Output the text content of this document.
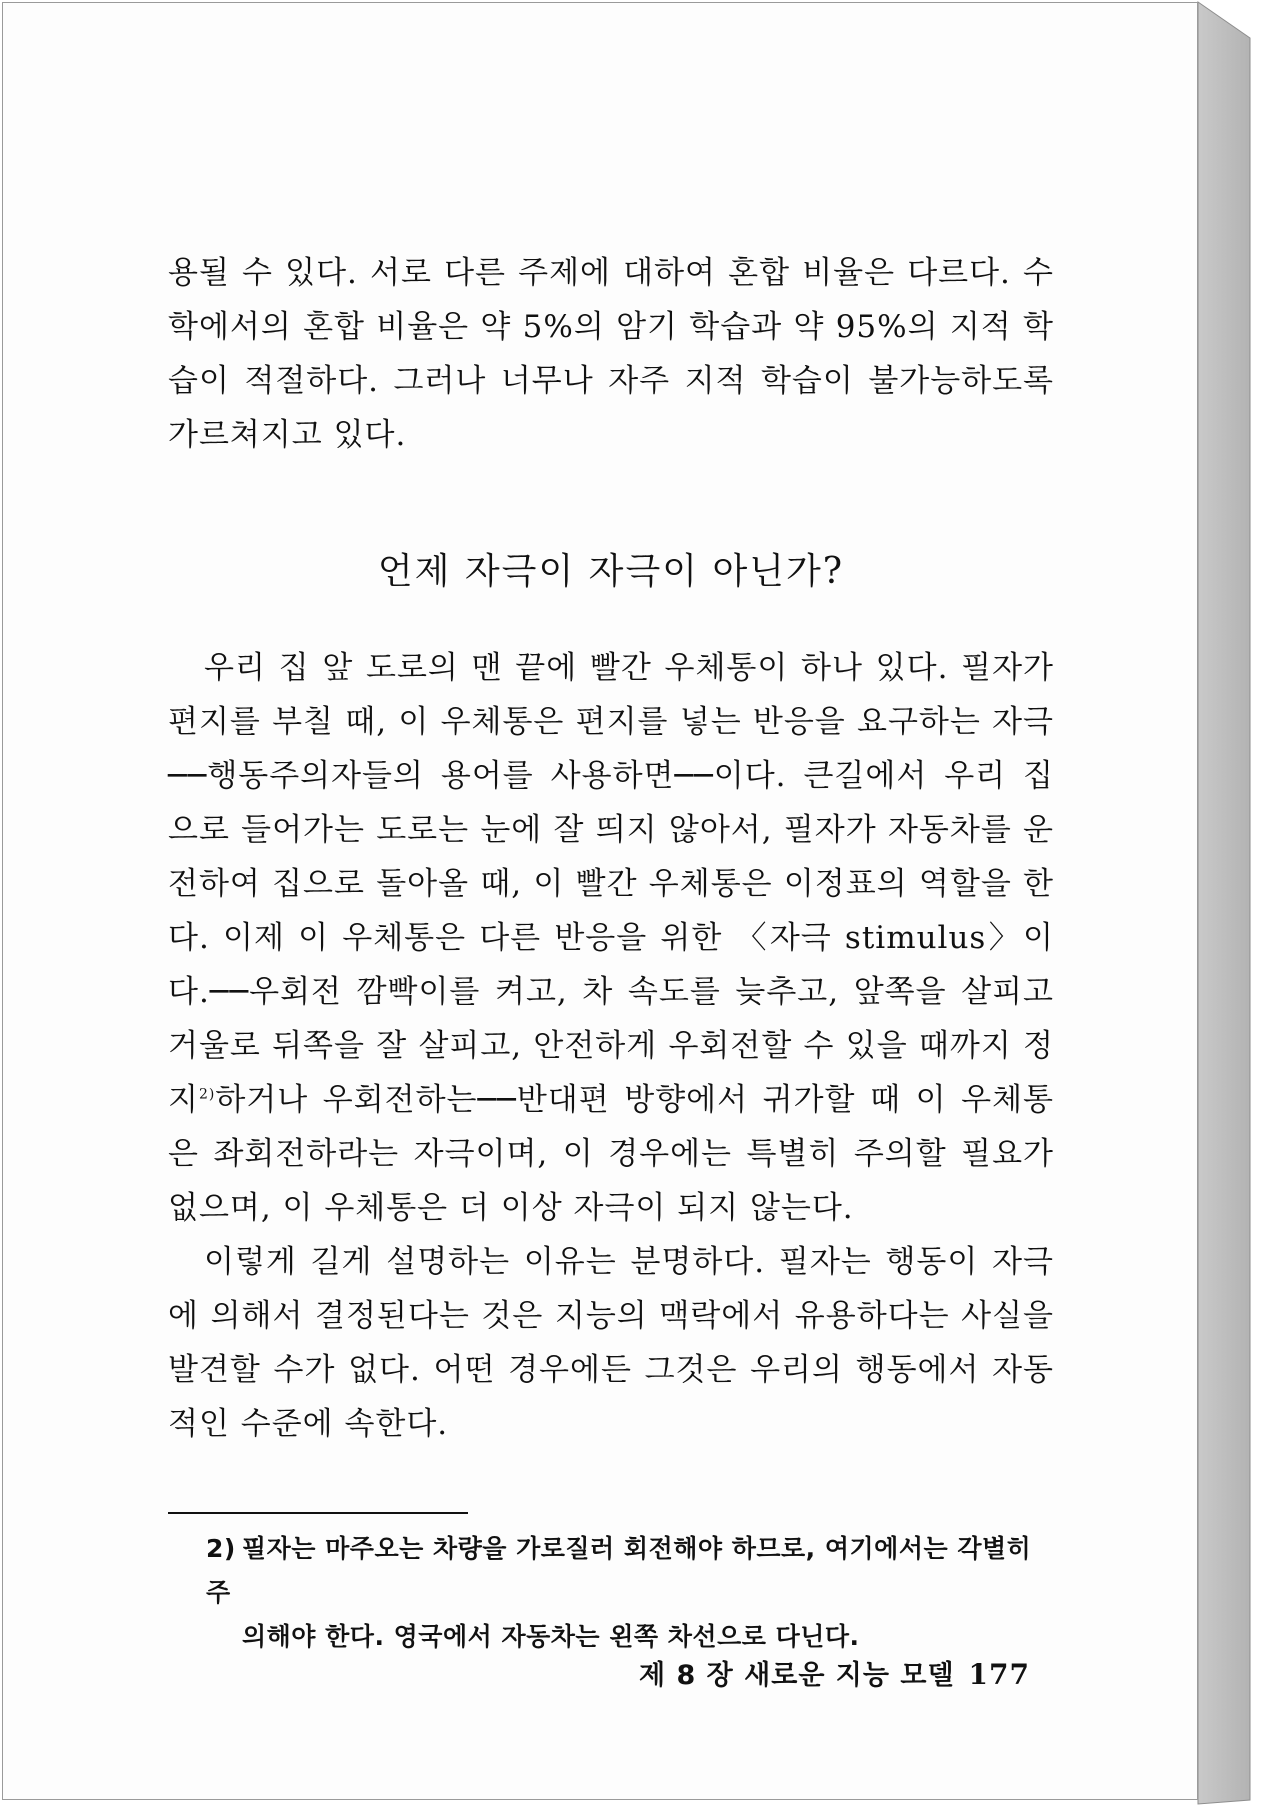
용될 수 있다. 서로 다른 주제에 대하여 혼합 비율은 다르다. 수학에서의 혼합 비율은 약 5%의 암기 학습과 약 95%의 지적 학습이 적절하다. 그러나 너무나 자주 지적 학습이 불가능하도록 가르쳐지고 있다.

언제 자극이 자극이 아닌가?

우리 집 앞 도로의 맨 끝에 빨간 우체통이 하나 있다. 필자가 편지를 부칠 때, 이 우체통은 편지를 넣는 반응을 요구하는 자극──행동주의자들의 용어를 사용하면──이다. 큰길에서 우리 집으로 들어가는 도로는 눈에 잘 띄지 않아서, 필자가 자동차를 운전하여 집으로 돌아올 때, 이 빨간 우체통은 이정표의 역할을 한다. 이제 이 우체통은 다른 반응을 위한 〈자극 stimulus〉이다.──우회전 깜빡이를 켜고, 차 속도를 늦추고, 앞쪽을 살피고 거울로 뒤쪽을 잘 살피고, 안전하게 우회전할 수 있을 때까지 정지$^{2)}$하거나 우회전하는──반대편 방향에서 귀가할 때 이 우체통은 좌회전하라는 자극이며, 이 경우에는 특별히 주의할 필요가 없으며, 이 우체통은 더 이상 자극이 되지 않는다.

이렇게 길게 설명하는 이유는 분명하다. 필자는 행동이 자극에 의해서 결정된다는 것은 지능의 맥락에서 유용하다는 사실을 발견할 수가 없다. 어떤 경우에든 그것은 우리의 행동에서 자동적인 수준에 속한다.

2) 필자는 마주오는 차량을 가로질러 회전해야 하므로, 여기에서는 각별히 주
의해야 한다. 영국에서 자동차는 왼쪽 차선으로 다닌다.
제 8 장 새로운 지능 모델 177
